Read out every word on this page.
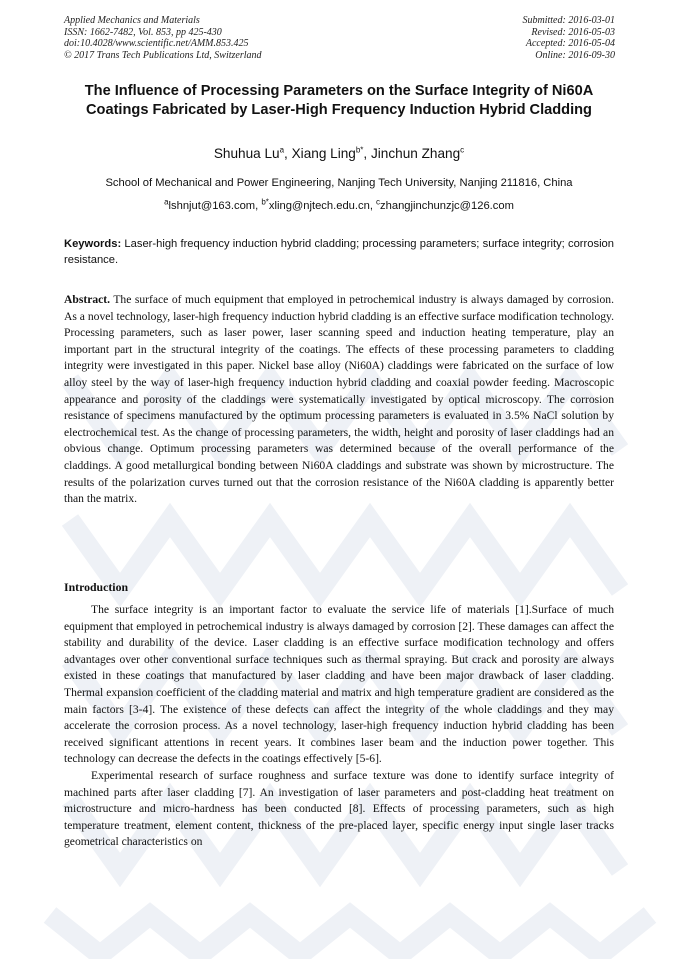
Applied Mechanics and Materials
ISSN: 1662-7482, Vol. 853, pp 425-430
doi:10.4028/www.scientific.net/AMM.853.425
© 2017 Trans Tech Publications Ltd, Switzerland
Submitted: 2016-03-01
Revised: 2016-05-03
Accepted: 2016-05-04
Online: 2016-09-30
The Influence of Processing Parameters on the Surface Integrity of Ni60A Coatings Fabricated by Laser-High Frequency Induction Hybrid Cladding
Shuhua Lu$^a$, Xiang Ling$^{b*}$, Jinchun Zhang$^c$
School of Mechanical and Power Engineering, Nanjing Tech University, Nanjing 211816, China
$^a$lshnjut@163.com, $^{b*}$xling@njtech.edu.cn, $^c$zhangjinchunzjc@126.com
Keywords: Laser-high frequency induction hybrid cladding; processing parameters; surface integrity; corrosion resistance.
Abstract. The surface of much equipment that employed in petrochemical industry is always damaged by corrosion. As a novel technology, laser-high frequency induction hybrid cladding is an effective surface modification technology. Processing parameters, such as laser power, laser scanning speed and induction heating temperature, play an important part in the structural integrity of the coatings. The effects of these processing parameters to cladding integrity were investigated in this paper. Nickel base alloy (Ni60A) claddings were fabricated on the surface of low alloy steel by the way of laser-high frequency induction hybrid cladding and coaxial powder feeding. Macroscopic appearance and porosity of the claddings were systematically investigated by optical microscopy. The corrosion resistance of specimens manufactured by the optimum processing parameters is evaluated in 3.5% NaCl solution by electrochemical test. As the change of processing parameters, the width, height and porosity of laser claddings had an obvious change. Optimum processing parameters was determined because of the overall performance of the claddings. A good metallurgical bonding between Ni60A claddings and substrate was shown by microstructure. The results of the polarization curves turned out that the corrosion resistance of the Ni60A cladding is apparently better than the matrix.
Introduction

The surface integrity is an important factor to evaluate the service life of materials [1].Surface of much equipment that employed in petrochemical industry is always damaged by corrosion [2]. These damages can affect the stability and durability of the device. Laser cladding is an effective surface modification technology and offers advantages over other conventional surface techniques such as thermal spraying. But crack and porosity are always existed in these coatings that manufactured by laser cladding and have been major drawback of laser cladding. Thermal expansion coefficient of the cladding material and matrix and high temperature gradient are considered as the main factors [3-4]. The existence of these defects can affect the integrity of the whole claddings and they may accelerate the corrosion process. As a novel technology, laser-high frequency induction hybrid cladding has been received significant attentions in recent years. It combines laser beam and the induction power together. This technology can decrease the defects in the coatings effectively [5-6].

Experimental research of surface roughness and surface texture was done to identify surface integrity of machined parts after laser cladding [7]. An investigation of laser parameters and post-cladding heat treatment on microstructure and micro-hardness has been conducted [8]. Effects of processing parameters, such as high temperature treatment, element content, thickness of the pre-placed layer, specific energy input single laser tracks geometrical characteristics on
